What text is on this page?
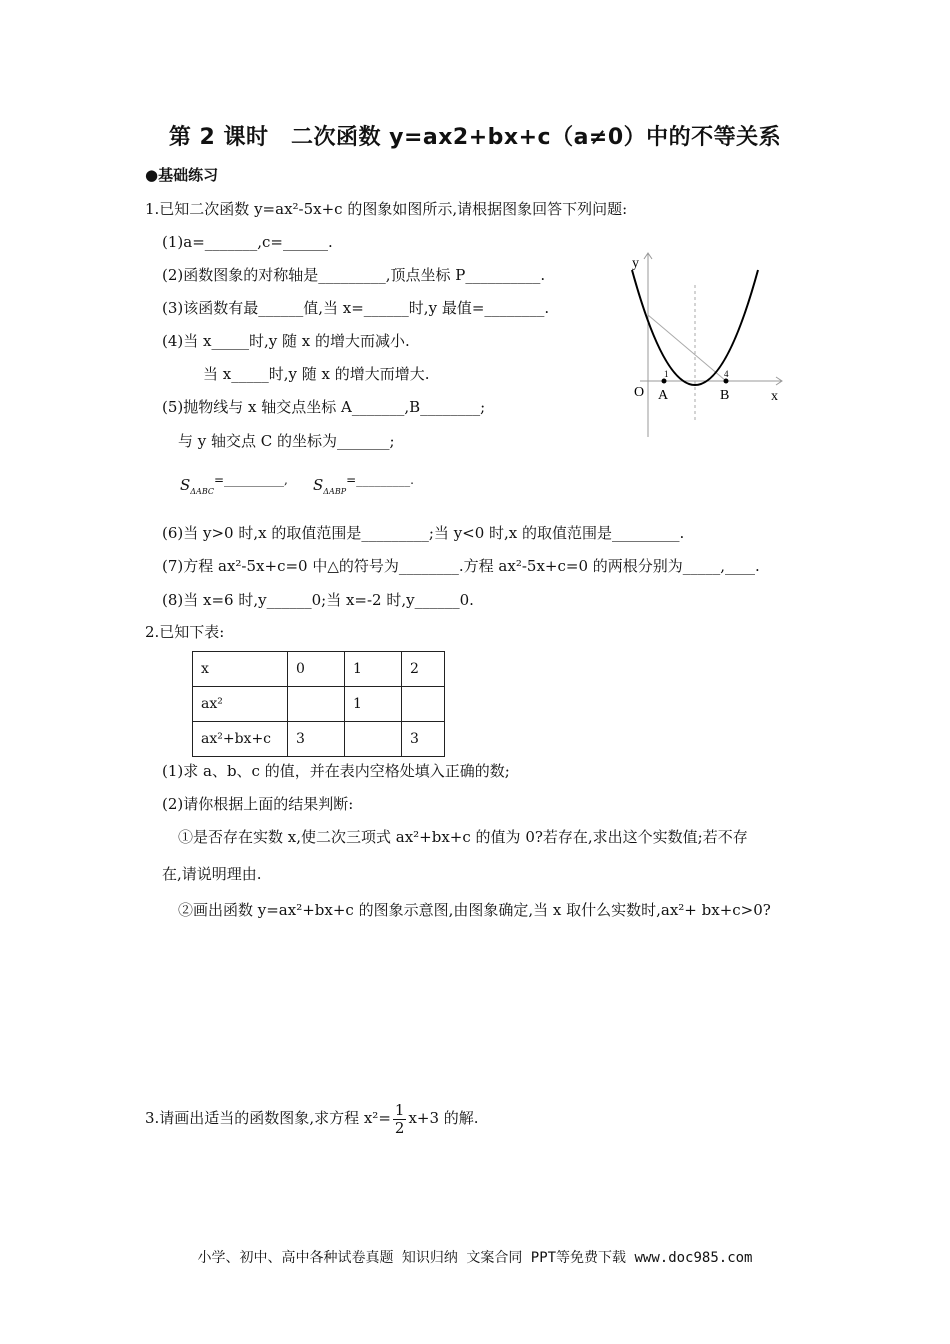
第 2 课时　二次函数 y=ax2+bx+c（a≠0）中的不等关系
●基础练习
1.已知二次函数 y=ax²-5x+c 的图象如图所示,请根据图象回答下列问题:
(1)a=_______,c=______.
(2)函数图象的对称轴是_________,顶点坐标 P__________.
(3)该函数有最______值,当 x=______时,y 最值=________.
(4)当 x_____时,y 随 x 的增大而减小.
当 x_____时,y 随 x 的增大而增大.
(5)抛物线与 x 轴交点坐标 A_______,B________;
与 y 轴交点 C 的坐标为_______;
$S_{\Delta ABC}^{=\_\_\_\_\_\_\_\_\_\_,}$ $S_{\Delta ABP}^{=\_\_\_\_\_\_\_\_\_.}$
(6)当 y>0 时,x 的取值范围是_________;当 y<0 时,x 的取值范围是_________.
(7)方程 ax²-5x+c=0 中△的符号为________.方程 ax²-5x+c=0 的两根分别为_____,____.
(8)当 x=6 时,y______0;当 x=-2 时,y______0.
y
x
O A	B
1	4
2.已知下表:
x	0	1	2
ax²		1	
ax²+bx+c	3		3
(1)求 a、b、c 的值，并在表内空格处填入正确的数;
(2)请你根据上面的结果判断:
①是否存在实数 x,使二次三项式 ax²+bx+c 的值为 0?若存在,求出这个实数值;若不存
在,请说明理由.
②画出函数 y=ax²+bx+c 的图象示意图,由图象确定,当 x 取什么实数时,ax²+ bx+c>0?
3.请画出适当的函数图象,求方程 $x^2= \frac{1}{2} x+3$ 的解.
小学、初中、高中各种试卷真题 知识归纳 文案合同 PPT等免费下载 www.doc985.com
